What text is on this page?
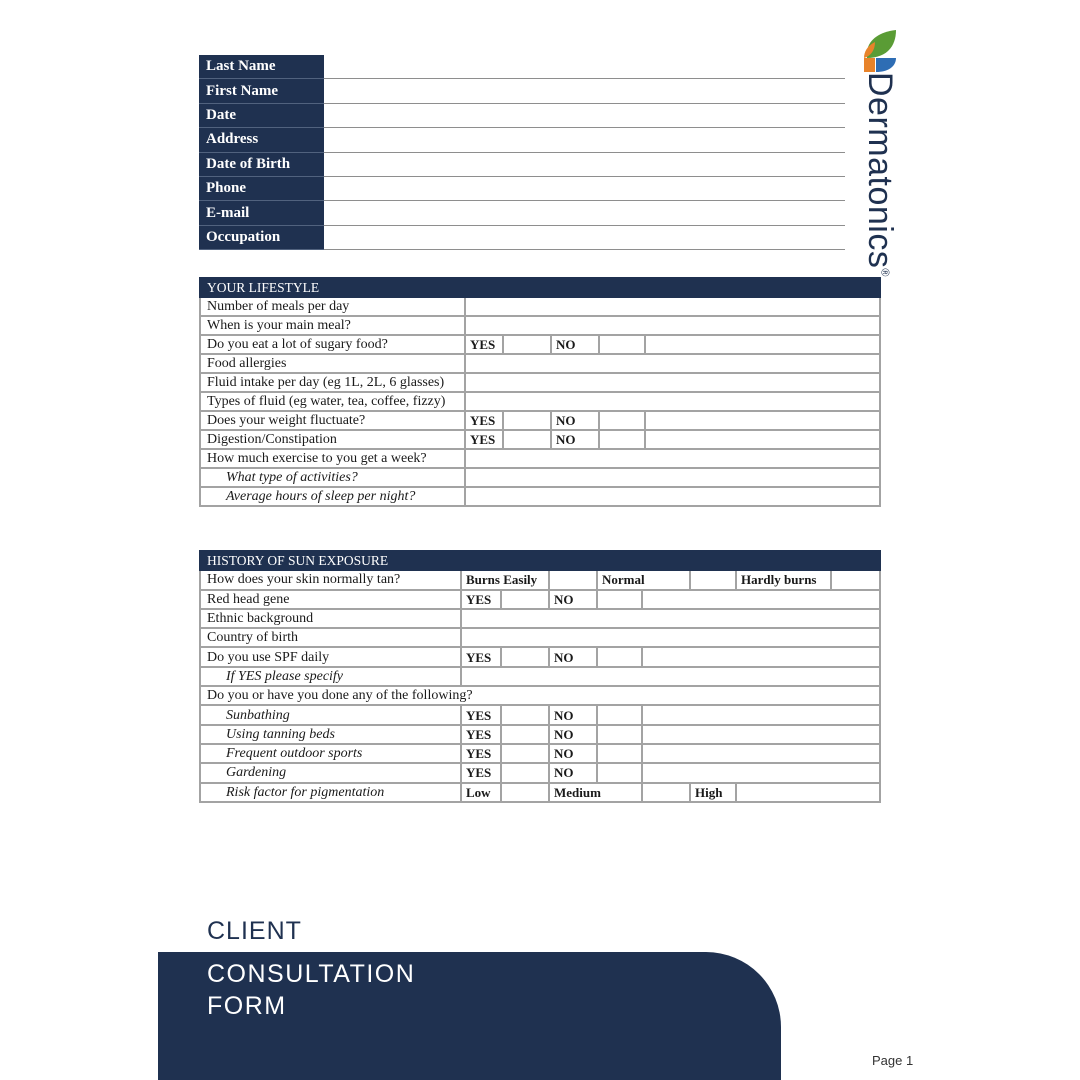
Last Name
First Name
Date
Address
Date of Birth
Phone
E-mail
Occupation	Dermatonics®
YOUR LIFESTYLE					
Number of meals per day					
When is your main meal?					
Do you eat a lot of sugary food?	YES		NO		
Food allergies					
Fluid intake per day (eg 1L, 2L, 6 glasses)					
Types of fluid (eg water, tea, coffee, fizzy)					
Does your weight fluctuate?	YES		NO		
Digestion/Constipation	YES		NO		
How much exercise to you get a week?					
What type of activities?					
Average hours of sleep per night?					
HISTORY OF SUN EXPOSURE								
How does your skin normally tan?	Burns Easily			Normal			Hardly burns	
Red head gene	YES		NO					
Ethnic background								
Country of birth								
Do you use SPF daily	YES		NO					
If YES please specify								
Do you or have you done any of the following?								
Sunbathing	YES		NO					
Using tanning beds	YES		NO					
Frequent outdoor sports	YES		NO					
Gardening	YES		NO					
Risk factor for pigmentation	Low		Medium			High		
CLIENT
CONSULTATION
FORM
Page 1
